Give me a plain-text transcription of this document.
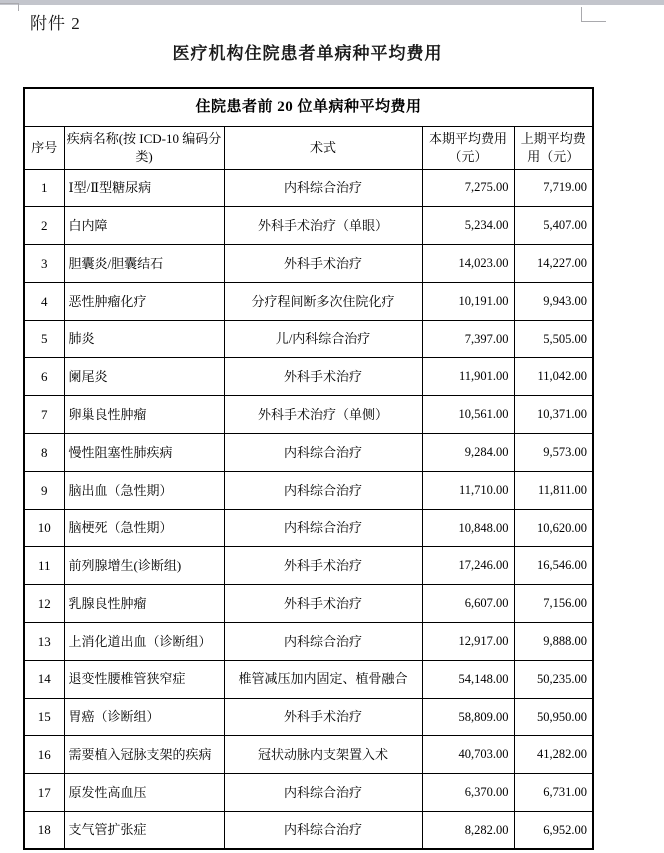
附件 2
医疗机构住院患者单病种平均费用
住院患者前 20 位单病种平均费用				
序号	疾病名称(按 ICD-10 编码分类)	术式	本期平均费用（元）	上期平均费用（元）
1	Ⅰ型/Ⅱ型糖尿病	内科综合治疗	7,275.00	7,719.00
2	白内障	外科手术治疗（单眼）	5,234.00	5,407.00
3	胆囊炎/胆囊结石	外科手术治疗	14,023.00	14,227.00
4	恶性肿瘤化疗	分疗程间断多次住院化疗	10,191.00	9,943.00
5	肺炎	儿/内科综合治疗	7,397.00	5,505.00
6	阑尾炎	外科手术治疗	11,901.00	11,042.00
7	卵巢良性肿瘤	外科手术治疗（单侧）	10,561.00	10,371.00
8	慢性阻塞性肺疾病	内科综合治疗	9,284.00	9,573.00
9	脑出血（急性期）	内科综合治疗	11,710.00	11,811.00
10	脑梗死（急性期）	内科综合治疗	10,848.00	10,620.00
11	前列腺增生(诊断组)	外科手术治疗	17,246.00	16,546.00
12	乳腺良性肿瘤	外科手术治疗	6,607.00	7,156.00
13	上消化道出血（诊断组）	内科综合治疗	12,917.00	9,888.00
14	退变性腰椎管狭窄症	椎管减压加内固定、植骨融合	54,148.00	50,235.00
15	胃癌（诊断组）	外科手术治疗	58,809.00	50,950.00
16	需要植入冠脉支架的疾病	冠状动脉内支架置入术	40,703.00	41,282.00
17	原发性高血压	内科综合治疗	6,370.00	6,731.00
18	支气管扩张症	内科综合治疗	8,282.00	6,952.00
